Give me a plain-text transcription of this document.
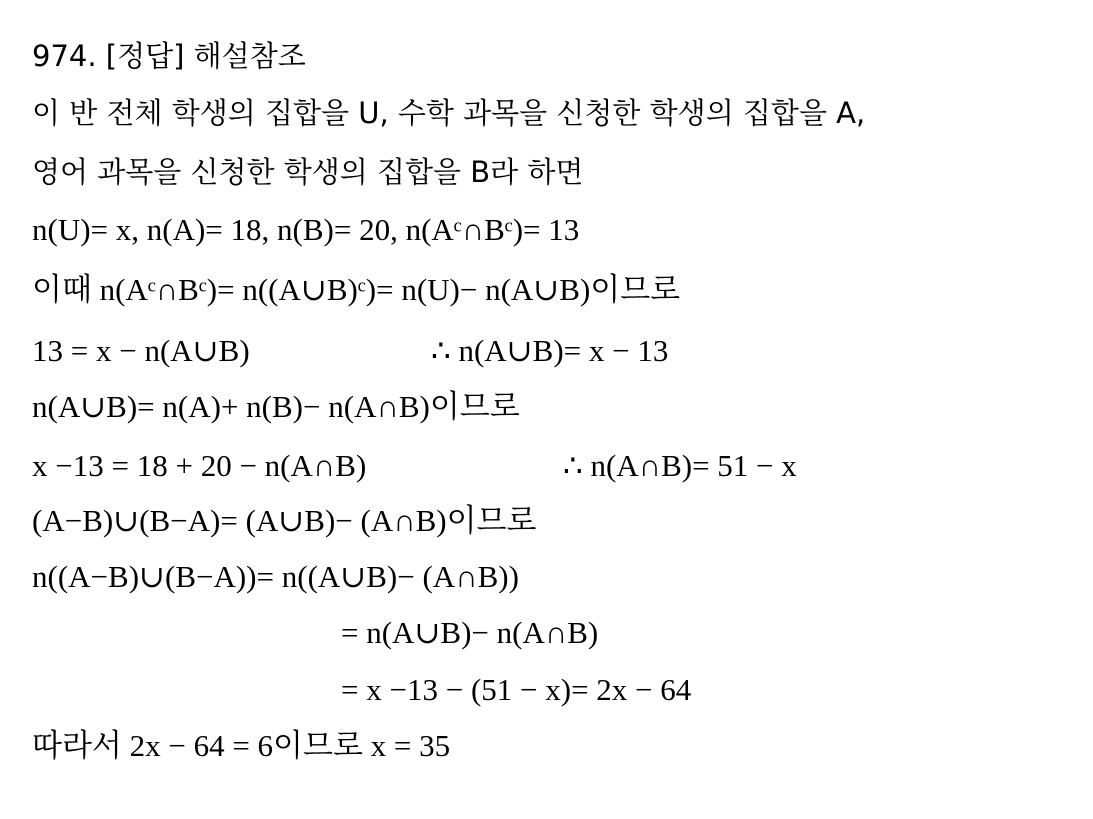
974. [정답] 해설참조
이 반 전체 학생의 집합을 U, 수학 과목을 신청한 학생의 집합을 A,
영어 과목을 신청한 학생의 집합을 B라 하면
n(U)= x, n(A)= 18, n(B)= 20, n(Aᶜ∩Bᶜ)= 13
이때 n(Aᶜ∩Bᶜ)= n((A∪B)ᶜ)= n(U)− n(A∪B)이므로
13 = x − n(A∪B)	∴ n(A∪B)= x − 13
n(A∪B)= n(A)+ n(B)− n(A∩B)이므로
x −13 = 18 + 20 − n(A∩B)	∴ n(A∩B)= 51 − x
(A−B)∪(B−A)= (A∪B)− (A∩B)이므로
n((A−B)∪(B−A))= n((A∪B)− (A∩B))
= n(A∪B)− n(A∩B)
= x −13 − (51 − x)= 2x − 64
따라서 2x − 64 = 6이므로 x = 35
